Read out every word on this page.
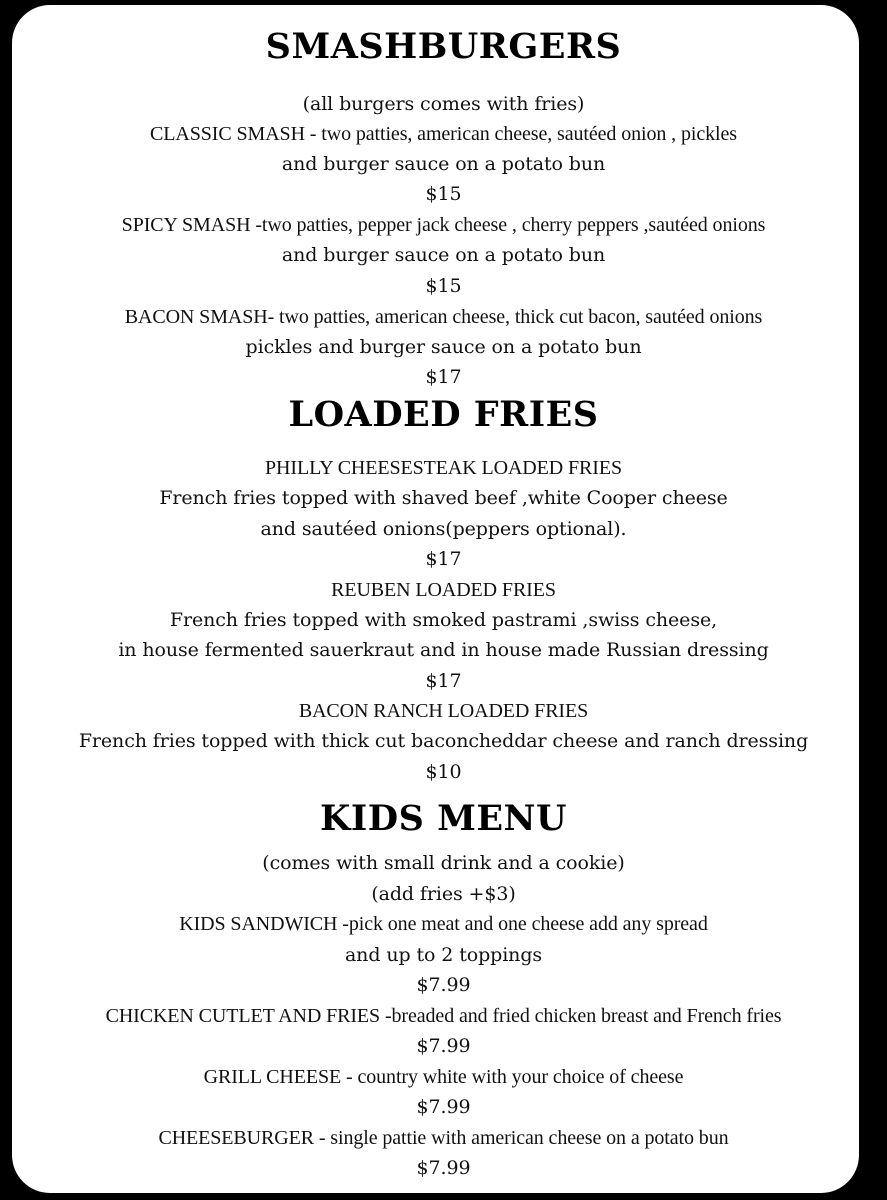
SMASHBURGERS
(all burgers comes with fries)
CLASSIC SMASH - two patties, american cheese, sautéed onion , pickles
and burger sauce on a potato bun
$15
SPICY SMASH -two patties, pepper jack cheese , cherry peppers ,sautéed onions
and burger sauce on a potato bun
$15
BACON SMASH- two patties, american cheese, thick cut bacon, sautéed onions
pickles and burger sauce on a potato bun
$17
LOADED FRIES
PHILLY CHEESESTEAK LOADED FRIES
French fries topped with shaved beef ,white Cooper cheese
and sautéed onions(peppers optional).
$17
REUBEN LOADED FRIES
French fries topped with smoked pastrami ,swiss cheese,
in house fermented sauerkraut and in house made Russian dressing
$17
BACON RANCH LOADED FRIES
French fries topped with thick cut baconcheddar cheese and ranch dressing
$10
KIDS MENU
(comes with small drink and a cookie)
(add fries +$3)
KIDS SANDWICH -pick one meat and one cheese add any spread
and up to 2 toppings
$7.99
CHICKEN CUTLET AND FRIES -breaded and fried chicken breast and French fries
$7.99
GRILL CHEESE - country white with your choice of cheese
$7.99
CHEESEBURGER - single pattie with american cheese on a potato bun
$7.99
